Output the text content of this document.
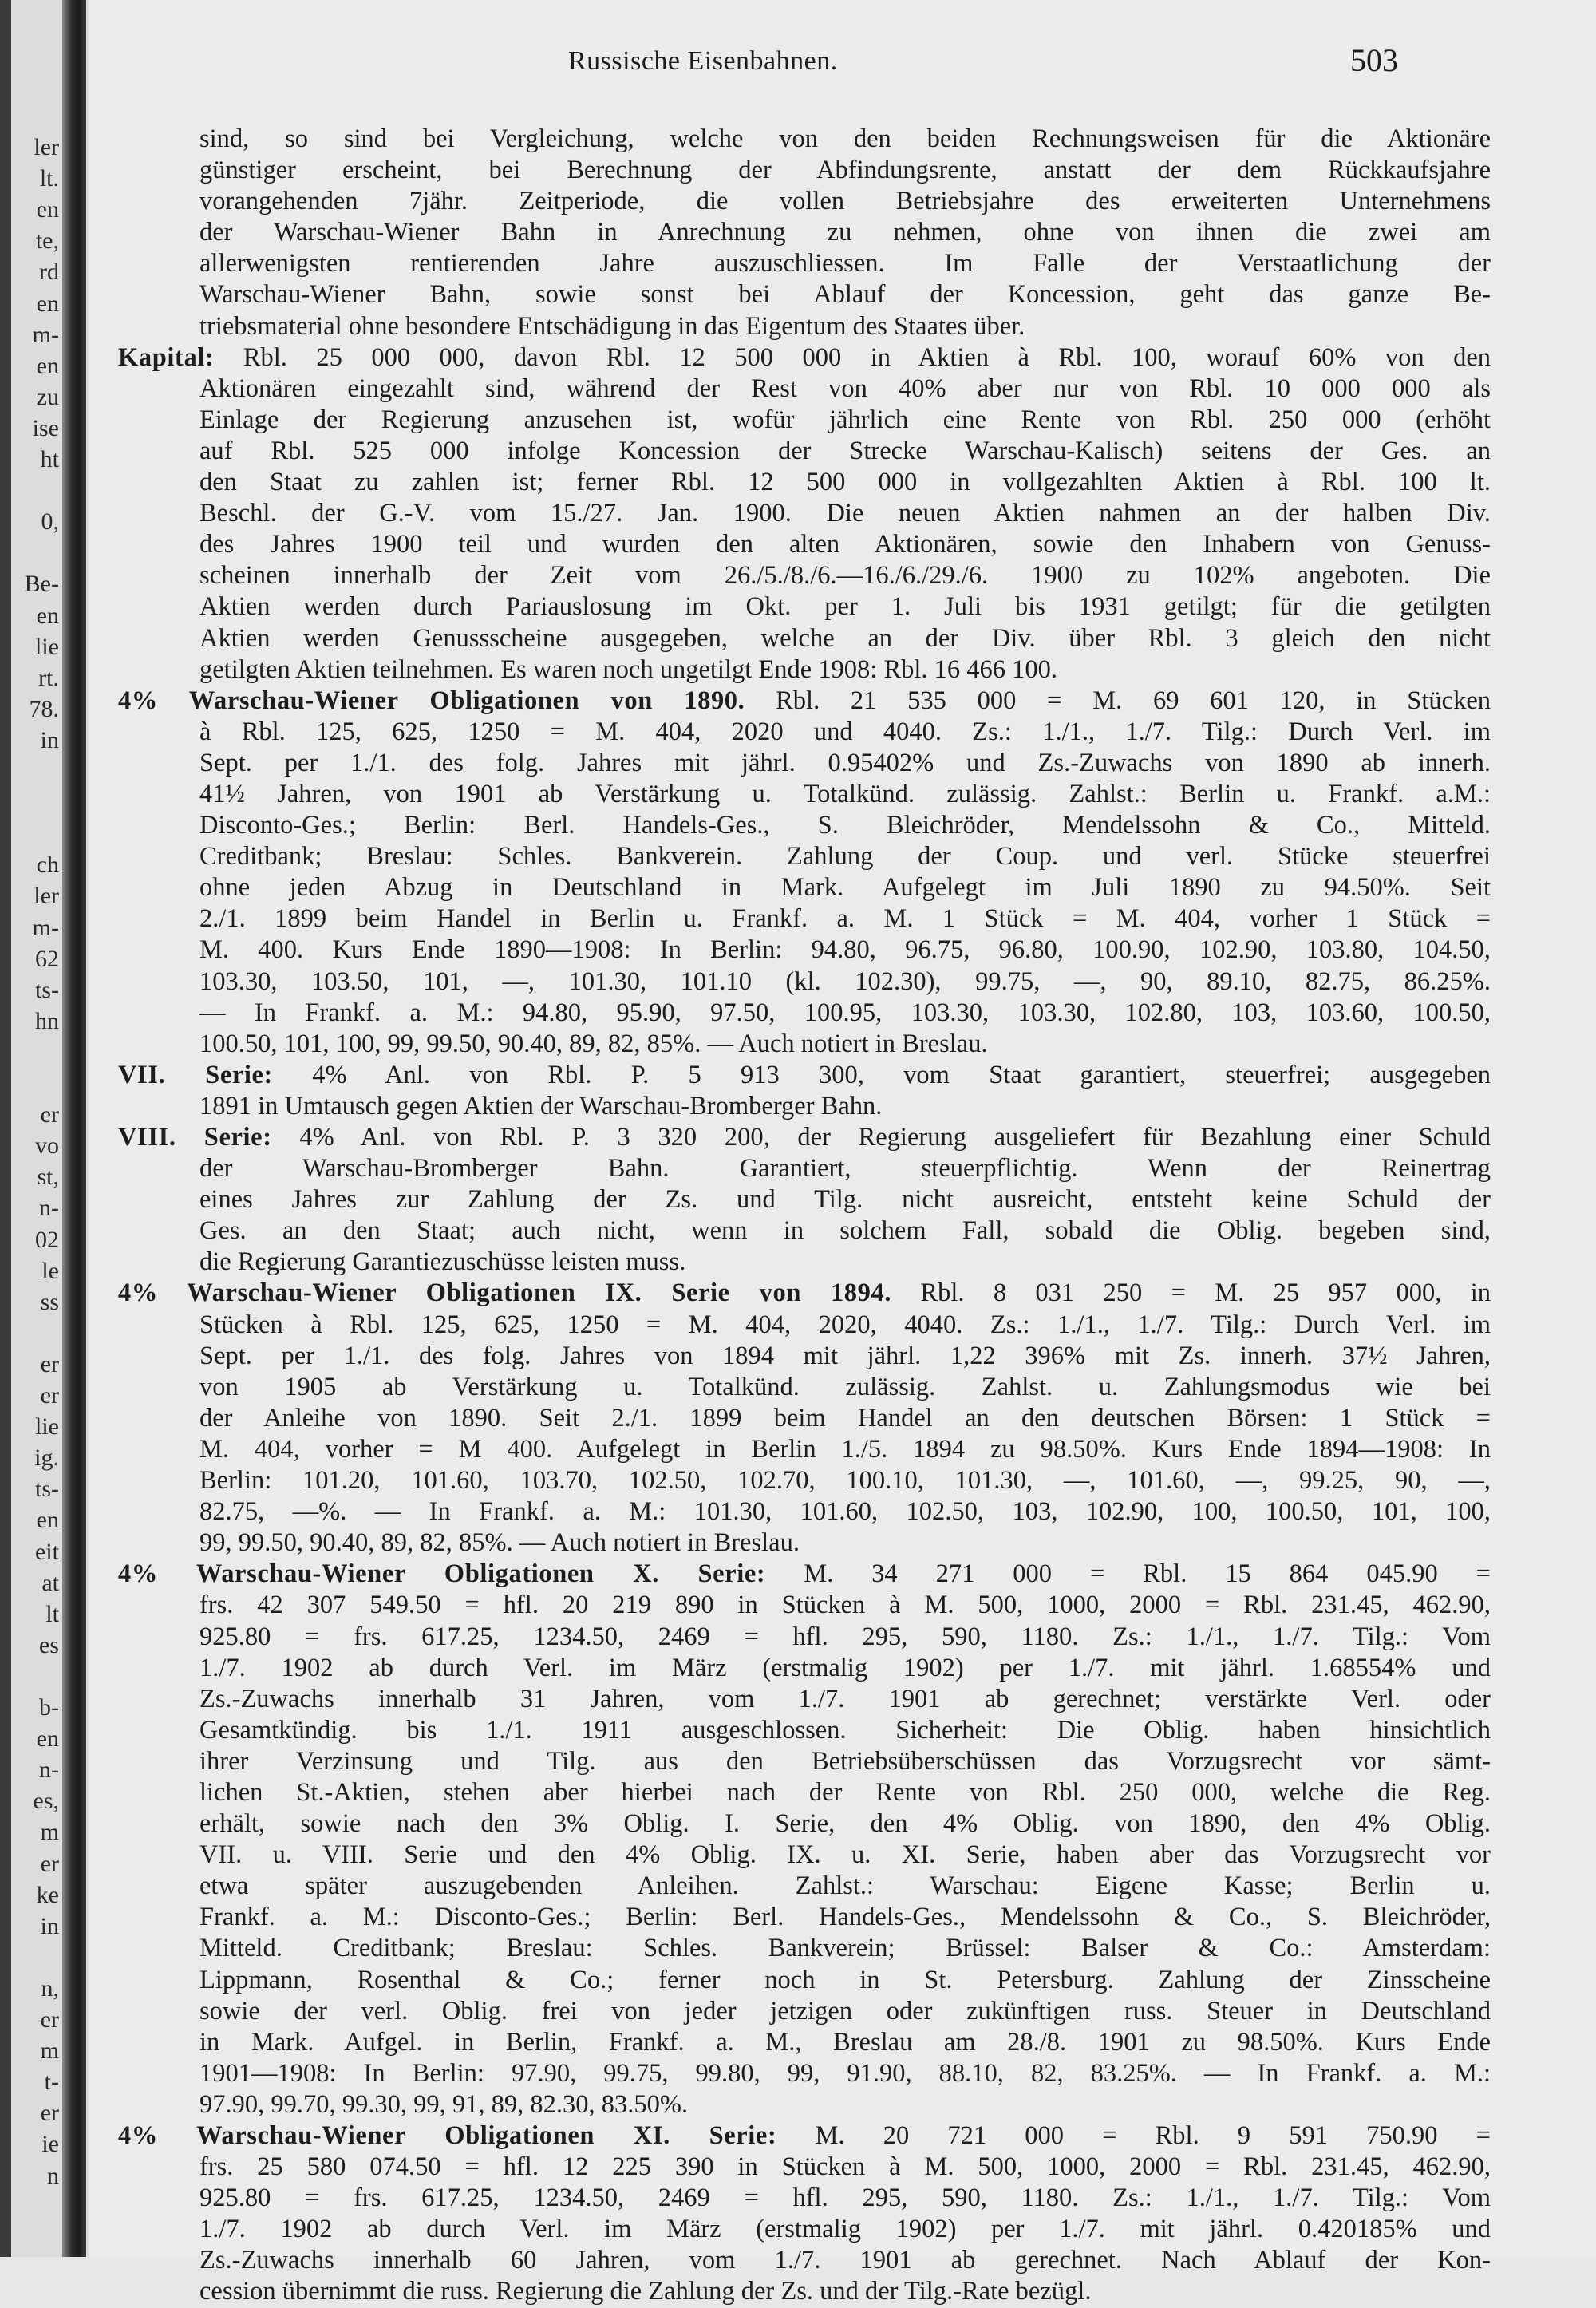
ler
lt.
en
te,
rd
en
m-
en
zu
ise
ht
0,
Be-
en
lie
rt.
78.
in
ch
ler
m-
62
ts-
hn
er
vo
st,
n-
02
le
ss
er
er
lie
ig.
ts-
en
eit
at
lt
es
b-
en
n-
es,
m
er
ke
in
n,
er
m
t-
er
ie
n
Russische Eisenbahnen.	503
sind, so sind bei Vergleichung, welche von den beiden Rechnungsweisen für die Aktionäre
günstiger erscheint, bei Berechnung der Abfindungsrente, anstatt der dem Rückkaufsjahre
vorangehenden 7jähr. Zeitperiode, die vollen Betriebsjahre des erweiterten Unternehmens
der Warschau-Wiener Bahn in Anrechnung zu nehmen, ohne von ihnen die zwei am
allerwenigsten rentierenden Jahre auszuschliessen. Im Falle der Verstaatlichung der
Warschau-Wiener Bahn, sowie sonst bei Ablauf der Koncession, geht das ganze Be-
triebsmaterial ohne besondere Entschädigung in das Eigentum des Staates über.
Kapital: Rbl. 25 000 000, davon Rbl. 12 500 000 in Aktien à Rbl. 100, worauf 60% von den
Aktionären eingezahlt sind, während der Rest von 40% aber nur von Rbl. 10 000 000 als
Einlage der Regierung anzusehen ist, wofür jährlich eine Rente von Rbl. 250 000 (erhöht
auf Rbl. 525 000 infolge Koncession der Strecke Warschau-Kalisch) seitens der Ges. an
den Staat zu zahlen ist; ferner Rbl. 12 500 000 in vollgezahlten Aktien à Rbl. 100 lt.
Beschl. der G.-V. vom 15./27. Jan. 1900. Die neuen Aktien nahmen an der halben Div.
des Jahres 1900 teil und wurden den alten Aktionären, sowie den Inhabern von Genuss-
scheinen innerhalb der Zeit vom 26./5./8./6.—16./6./29./6. 1900 zu 102% angeboten. Die
Aktien werden durch Pariauslosung im Okt. per 1. Juli bis 1931 getilgt; für die getilgten
Aktien werden Genussscheine ausgegeben, welche an der Div. über Rbl. 3 gleich den nicht
getilgten Aktien teilnehmen. Es waren noch ungetilgt Ende 1908: Rbl. 16 466 100.
4% Warschau-Wiener Obligationen von 1890. Rbl. 21 535 000 = M. 69 601 120, in Stücken
à Rbl. 125, 625, 1250 = M. 404, 2020 und 4040. Zs.: 1./1., 1./7. Tilg.: Durch Verl. im
Sept. per 1./1. des folg. Jahres mit jährl. 0.95402% und Zs.-Zuwachs von 1890 ab innerh.
41½ Jahren, von 1901 ab Verstärkung u. Totalkünd. zulässig. Zahlst.: Berlin u. Frankf. a.M.:
Disconto-Ges.; Berlin: Berl. Handels-Ges., S. Bleichröder, Mendelssohn & Co., Mitteld.
Creditbank; Breslau: Schles. Bankverein. Zahlung der Coup. und verl. Stücke steuerfrei
ohne jeden Abzug in Deutschland in Mark. Aufgelegt im Juli 1890 zu 94.50%. Seit
2./1. 1899 beim Handel in Berlin u. Frankf. a. M. 1 Stück = M. 404, vorher 1 Stück =
M. 400. Kurs Ende 1890—1908: In Berlin: 94.80, 96.75, 96.80, 100.90, 102.90, 103.80, 104.50,
103.30, 103.50, 101, —, 101.30, 101.10 (kl. 102.30), 99.75, —, 90, 89.10, 82.75, 86.25%.
— In Frankf. a. M.: 94.80, 95.90, 97.50, 100.95, 103.30, 103.30, 102.80, 103, 103.60, 100.50,
100.50, 101, 100, 99, 99.50, 90.40, 89, 82, 85%. — Auch notiert in Breslau.
VII. Serie: 4% Anl. von Rbl. P. 5 913 300, vom Staat garantiert, steuerfrei; ausgegeben
1891 in Umtausch gegen Aktien der Warschau-Bromberger Bahn.
VIII. Serie: 4% Anl. von Rbl. P. 3 320 200, der Regierung ausgeliefert für Bezahlung einer Schuld
der Warschau-Bromberger Bahn. Garantiert, steuerpflichtig. Wenn der Reinertrag
eines Jahres zur Zahlung der Zs. und Tilg. nicht ausreicht, entsteht keine Schuld der
Ges. an den Staat; auch nicht, wenn in solchem Fall, sobald die Oblig. begeben sind,
die Regierung Garantiezuschüsse leisten muss.
4% Warschau-Wiener Obligationen IX. Serie von 1894. Rbl. 8 031 250 = M. 25 957 000, in
Stücken à Rbl. 125, 625, 1250 = M. 404, 2020, 4040. Zs.: 1./1., 1./7. Tilg.: Durch Verl. im
Sept. per 1./1. des folg. Jahres von 1894 mit jährl. 1,22 396% mit Zs. innerh. 37½ Jahren,
von 1905 ab Verstärkung u. Totalkünd. zulässig. Zahlst. u. Zahlungsmodus wie bei
der Anleihe von 1890. Seit 2./1. 1899 beim Handel an den deutschen Börsen: 1 Stück =
M. 404, vorher = M 400. Aufgelegt in Berlin 1./5. 1894 zu 98.50%. Kurs Ende 1894—1908: In
Berlin: 101.20, 101.60, 103.70, 102.50, 102.70, 100.10, 101.30, —, 101.60, —, 99.25, 90, —,
82.75, —%. — In Frankf. a. M.: 101.30, 101.60, 102.50, 103, 102.90, 100, 100.50, 101, 100,
99, 99.50, 90.40, 89, 82, 85%. — Auch notiert in Breslau.
4% Warschau-Wiener Obligationen X. Serie: M. 34 271 000 = Rbl. 15 864 045.90 =
frs. 42 307 549.50 = hfl. 20 219 890 in Stücken à M. 500, 1000, 2000 = Rbl. 231.45, 462.90,
925.80 = frs. 617.25, 1234.50, 2469 = hfl. 295, 590, 1180. Zs.: 1./1., 1./7. Tilg.: Vom
1./7. 1902 ab durch Verl. im März (erstmalig 1902) per 1./7. mit jährl. 1.68554% und
Zs.-Zuwachs innerhalb 31 Jahren, vom 1./7. 1901 ab gerechnet; verstärkte Verl. oder
Gesamtkündig. bis 1./1. 1911 ausgeschlossen. Sicherheit: Die Oblig. haben hinsichtlich
ihrer Verzinsung und Tilg. aus den Betriebsüberschüssen das Vorzugsrecht vor sämt-
lichen St.-Aktien, stehen aber hierbei nach der Rente von Rbl. 250 000, welche die Reg.
erhält, sowie nach den 3% Oblig. I. Serie, den 4% Oblig. von 1890, den 4% Oblig.
VII. u. VIII. Serie und den 4% Oblig. IX. u. XI. Serie, haben aber das Vorzugsrecht vor
etwa später auszugebenden Anleihen. Zahlst.: Warschau: Eigene Kasse; Berlin u.
Frankf. a. M.: Disconto-Ges.; Berlin: Berl. Handels-Ges., Mendelssohn & Co., S. Bleichröder,
Mitteld. Creditbank; Breslau: Schles. Bankverein; Brüssel: Balser & Co.: Amsterdam:
Lippmann, Rosenthal & Co.; ferner noch in St. Petersburg. Zahlung der Zinsscheine
sowie der verl. Oblig. frei von jeder jetzigen oder zukünftigen russ. Steuer in Deutschland
in Mark. Aufgel. in Berlin, Frankf. a. M., Breslau am 28./8. 1901 zu 98.50%. Kurs Ende
1901—1908: In Berlin: 97.90, 99.75, 99.80, 99, 91.90, 88.10, 82, 83.25%. — In Frankf. a. M.:
97.90, 99.70, 99.30, 99, 91, 89, 82.30, 83.50%.
4% Warschau-Wiener Obligationen XI. Serie: M. 20 721 000 = Rbl. 9 591 750.90 =
frs. 25 580 074.50 = hfl. 12 225 390 in Stücken à M. 500, 1000, 2000 = Rbl. 231.45, 462.90,
925.80 = frs. 617.25, 1234.50, 2469 = hfl. 295, 590, 1180. Zs.: 1./1., 1./7. Tilg.: Vom
1./7. 1902 ab durch Verl. im März (erstmalig 1902) per 1./7. mit jährl. 0.420185% und
Zs.-Zuwachs innerhalb 60 Jahren, vom 1./7. 1901 ab gerechnet. Nach Ablauf der Kon-
cession übernimmt die russ. Regierung die Zahlung der Zs. und der Tilg.-Rate bezügl.
